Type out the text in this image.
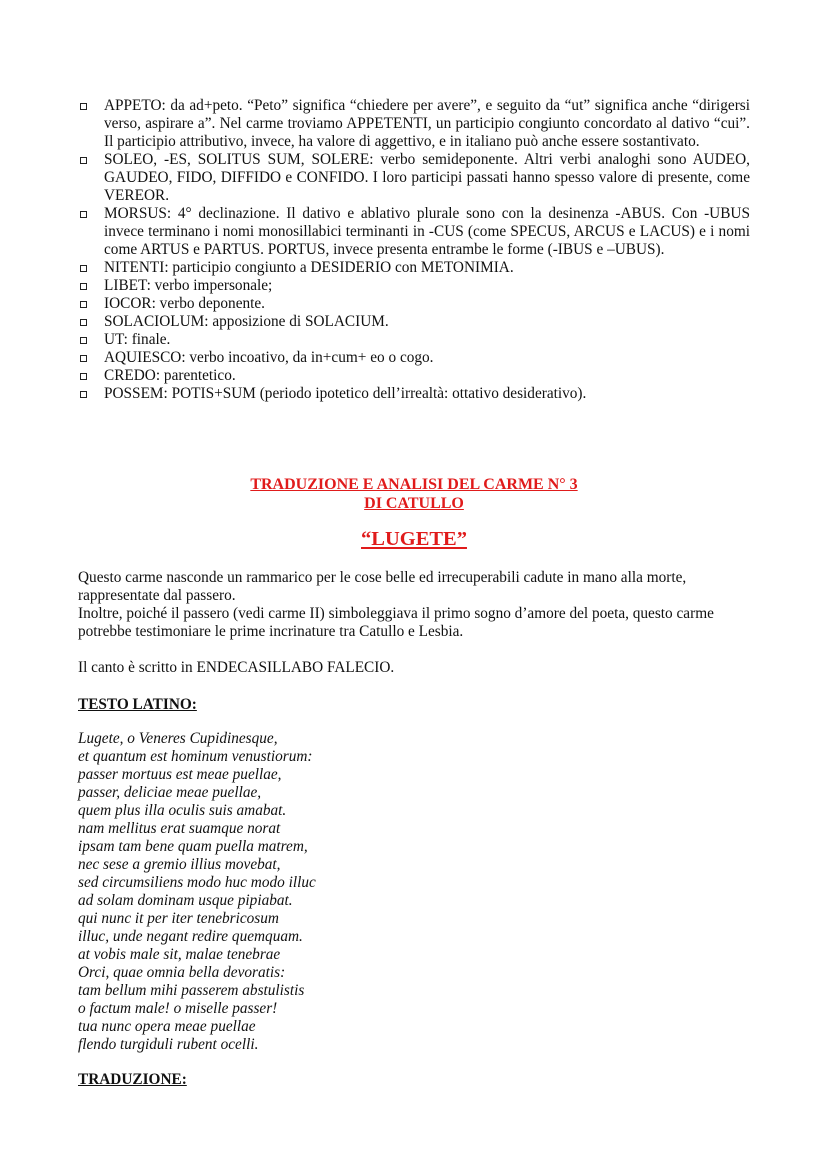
APPETO: da ad+peto. “Peto” significa “chiedere per avere”, e seguito da “ut” significa anche “dirigersi verso, aspirare a”. Nel carme troviamo APPETENTI, un participio congiunto concordato al dativo “cui”. Il participio attributivo, invece, ha valore di aggettivo, e in italiano può anche essere sostantivato.
SOLEO, -ES, SOLITUS SUM, SOLERE: verbo semideponente. Altri verbi analoghi sono AUDEO, GAUDEO, FIDO, DIFFIDO e CONFIDO. I loro participi passati hanno spesso valore di presente, come VEREOR.
MORSUS: 4° declinazione. Il dativo e ablativo plurale sono con la desinenza -ABUS. Con -UBUS invece terminano i nomi monosillabici terminanti in -CUS (come SPECUS, ARCUS e LACUS) e i nomi come ARTUS e PARTUS. PORTUS, invece presenta entrambe le forme (-IBUS e –UBUS).
NITENTI: participio congiunto a DESIDERIO con METONIMIA.
LIBET: verbo impersonale;
IOCOR: verbo deponente.
SOLACIOLUM: apposizione di SOLACIUM.
UT: finale.
AQUIESCO: verbo incoativo, da in+cum+ eo o cogo.
CREDO: parentetico.
POSSEM: POTIS+SUM (periodo ipotetico dell’irrealtà: ottativo desiderativo).
TRADUZIONE E ANALISI DEL CARME N° 3
DI CATULLO
“LUGETE”
Questo carme nasconde un rammarico per le cose belle ed irrecuperabili cadute in mano alla morte, rappresentate dal passero.
Inoltre, poiché il passero (vedi carme II) simboleggiava il primo sogno d’amore del poeta, questo carme potrebbe testimoniare le prime incrinature tra Catullo e Lesbia.

Il canto è scritto in ENDECASILLABO FALECIO.

TESTO LATINO:

Lugete, o Veneres Cupidinesque,
et quantum est hominum venustiorum:
passer mortuus est meae puellae,
passer, deliciae meae puellae,
quem plus illa oculis suis amabat.
nam mellitus erat suamque norat
ipsam tam bene quam puella matrem,
nec sese a gremio illius movebat,
sed circumsiliens modo huc modo illuc
ad solam dominam usque pipiabat.
qui nunc it per iter tenebricosum
illuc, unde negant redire quemquam.
at vobis male sit, malae tenebrae
Orci, quae omnia bella devoratis:
tam bellum mihi passerem abstulistis
o factum male! o miselle passer!
tua nunc opera meae puellae
flendo turgiduli rubent ocelli.

TRADUZIONE:
